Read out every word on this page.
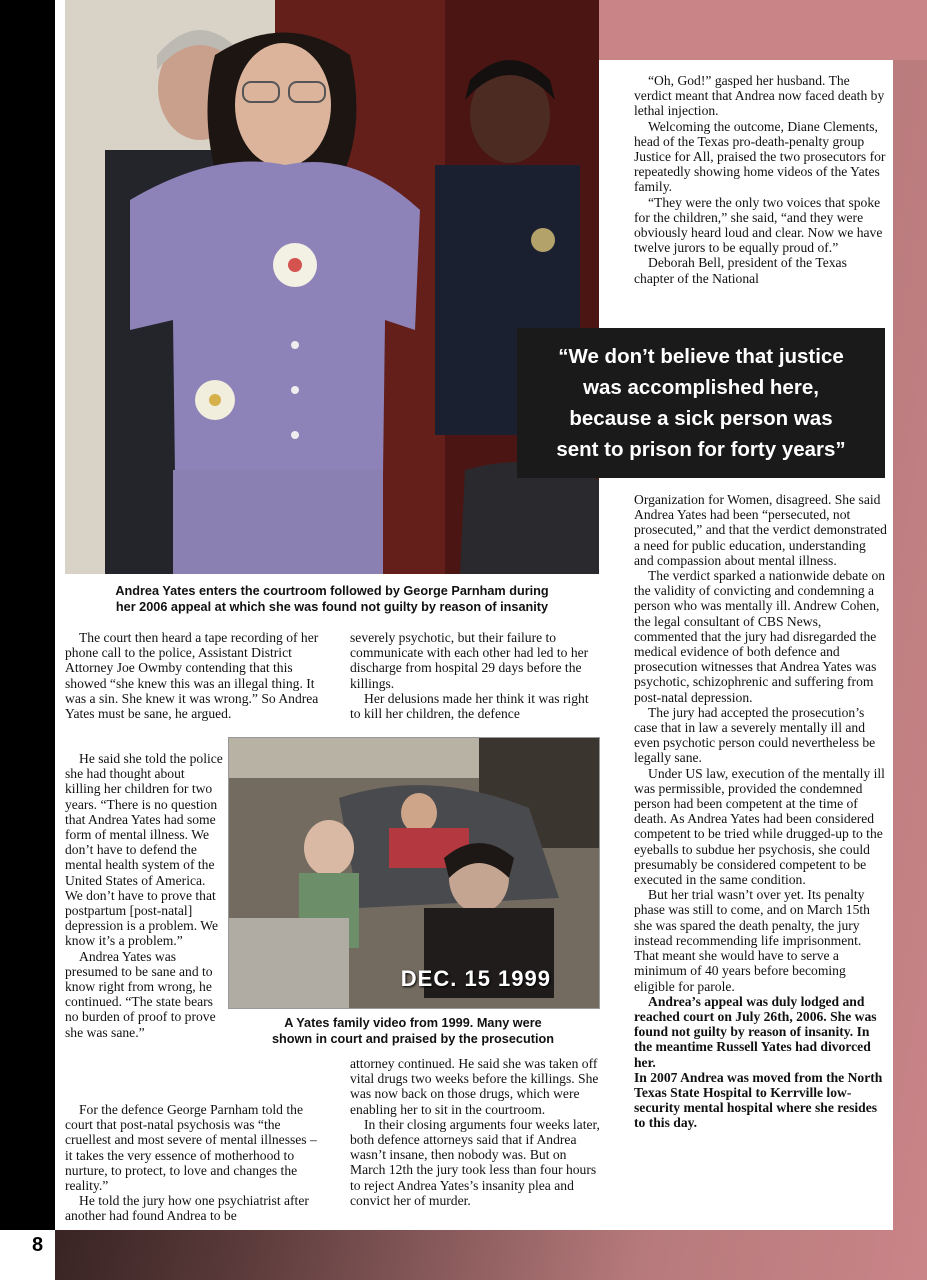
“We don’t believe that justice
was accomplished here,
because a sick person was
sent to prison for forty years”
Andrea Yates enters the courtroom followed by George Parnham during
her 2006 appeal at which she was found not guilty by reason of insanity

The court then heard a tape recording of her phone call to the police, Assistant District Attorney Joe Owmby contending that this showed “she knew this was an illegal thing. It was a sin. She knew it was wrong.” So Andrea Yates must be sane, he argued.

He said she told the police she had thought about killing her children for two years. “There is no question that Andrea Yates had some form of mental illness. We don’t have to defend the mental health system of the United States of America. We don’t have to prove that postpartum [post-natal] depression is a problem. We know it’s a problem.”

Andrea Yates was presumed to be sane and to know right from wrong, he continued. “The state bears no burden of proof to prove she was sane.”

For the defence George Parnham told the court that post-natal psychosis was “the cruellest and most severe of mental illnesses – it takes the very essence of motherhood to nurture, to protect, to love and changes the reality.”

He told the jury how one psychiatrist after another had found Andrea to be

severely psychotic, but their failure to communicate with each other had led to her discharge from hospital 29 days before the killings.

Her delusions made her think it was right to kill her children, the defence

DEC. 15 1999
A Yates family video from 1999. Many were
shown in court and praised by the prosecution

attorney continued. He said she was taken off vital drugs two weeks before the killings. She was now back on those drugs, which were enabling her to sit in the courtroom.

In their closing arguments four weeks later, both defence attorneys said that if Andrea wasn’t insane, then nobody was. But on March 12th the jury took less than four hours to reject Andrea Yates’s insanity plea and convict her of murder.

“Oh, God!” gasped her husband. The verdict meant that Andrea now faced death by lethal injection.

Welcoming the outcome, Diane Clements, head of the Texas pro-death-penalty group Justice for All, praised the two prosecutors for repeatedly showing home videos of the Yates family.

“They were the only two voices that spoke for the children,” she said, “and they were obviously heard loud and clear. Now we have twelve jurors to be equally proud of.”

Deborah Bell, president of the Texas chapter of the National

Organization for Women, disagreed. She said Andrea Yates had been “persecuted, not prosecuted,” and that the verdict demonstrated a need for public education, understanding and compassion about mental illness.

The verdict sparked a nationwide debate on the validity of convicting and condemning a person who was mentally ill. Andrew Cohen, the legal consultant of CBS News, commented that the jury had disregarded the medical evidence of both defence and prosecution witnesses that Andrea Yates was psychotic, schizophrenic and suffering from post-natal depression.

The jury had accepted the prosecution’s case that in law a severely mentally ill and even psychotic person could nevertheless be legally sane.

Under US law, execution of the mentally ill was permissible, provided the condemned person had been competent at the time of death. As Andrea Yates had been considered competent to be tried while drugged-up to the eyeballs to subdue her psychosis, she could presumably be considered competent to be executed in the same condition.

But her trial wasn’t over yet. Its penalty phase was still to come, and on March 15th she was spared the death penalty, the jury instead recommending life imprisonment. That meant she would have to serve a minimum of 40 years before becoming eligible for parole.

Andrea’s appeal was duly lodged and reached court on July 26th, 2006. She was found not guilty by reason of insanity. In the meantime Russell Yates had divorced her.

In 2007 Andrea was moved from the North Texas State Hospital to Kerrville low-security mental hospital where she resides to this day.

8
